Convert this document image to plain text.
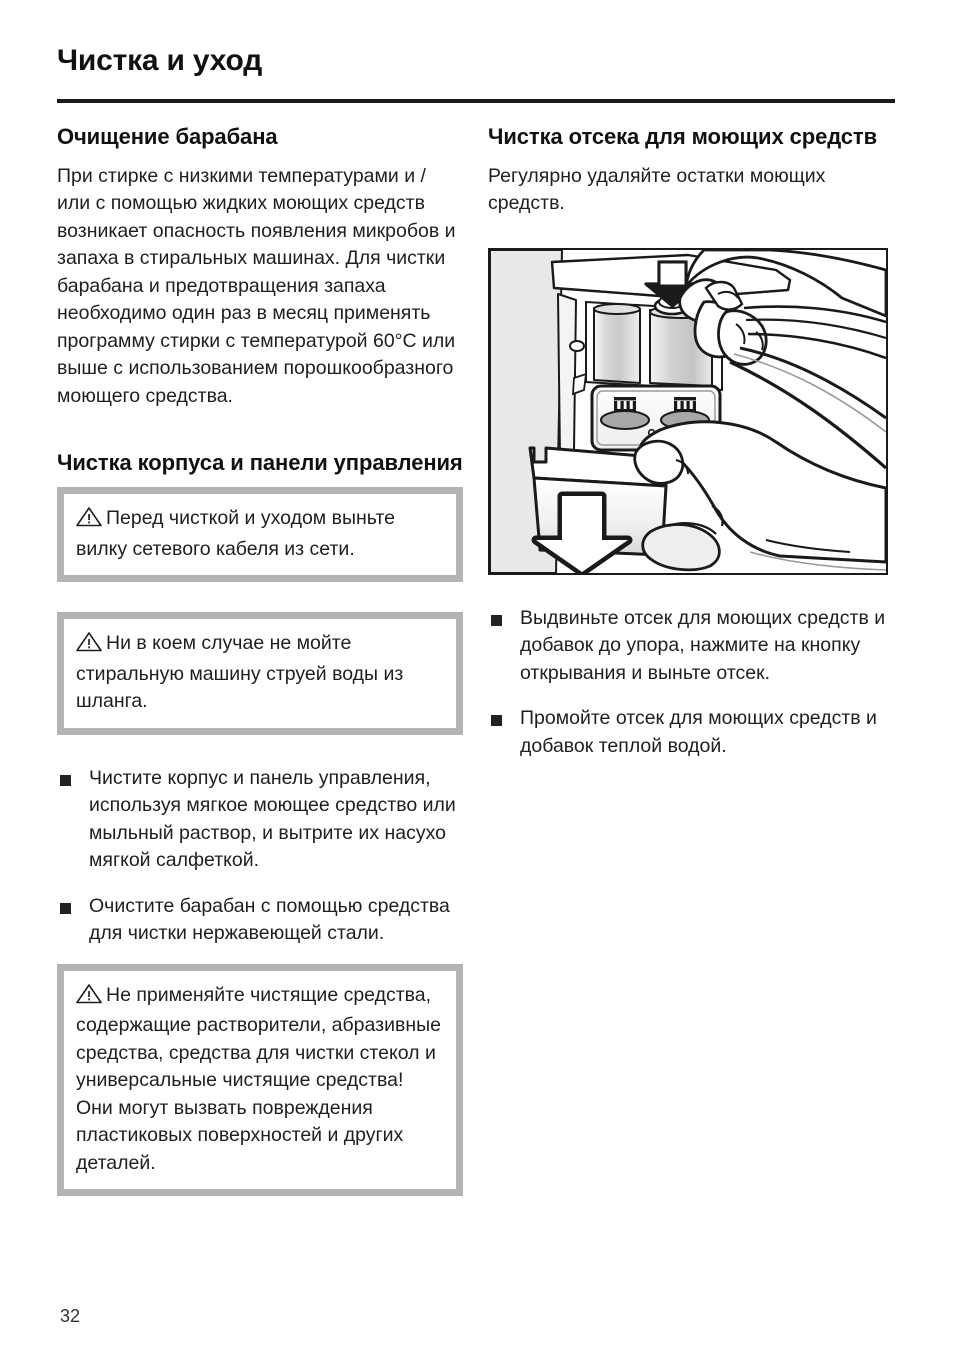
Чистка и уход
Очищение барабана

При стирке с низкими температурами и / или с помощью жидких моющих средств возникает опасность появления микробов и запаха в стиральных машинах. Для чистки барабана и предотвращения запаха необходимо один раз в месяц применять программу стирки с температурой 60°C или выше с использованием порошкообразного моющего средства.

Чистка корпуса и панели управления

Перед чисткой и уходом выньте вилку сетевого кабеля из сети.

Ни в коем случае не мойте стиральную машину струей воды из шланга.

Чистите корпус и панель управления, используя мягкое моющее средство или мыльный раствор, и вытрите их насухо мягкой салфеткой.
Очистите барабан с помощью средства для чистки нержавеющей стали.

Не применяйте чистящие средства, содержащие растворители, абразивные средства, средства для чистки стекол и универсальные чистящие средства! Они могут вызвать повреждения пластиковых поверхностей и других деталей.

Чистка отсека для моющих средств

Регулярно удаляйте остатки моющих средств.

Выдвиньте отсек для моющих средств и добавок до упора, нажмите на кнопку открывания и выньте отсек.
Промойте отсек для моющих средств и добавок теплой водой.
32
